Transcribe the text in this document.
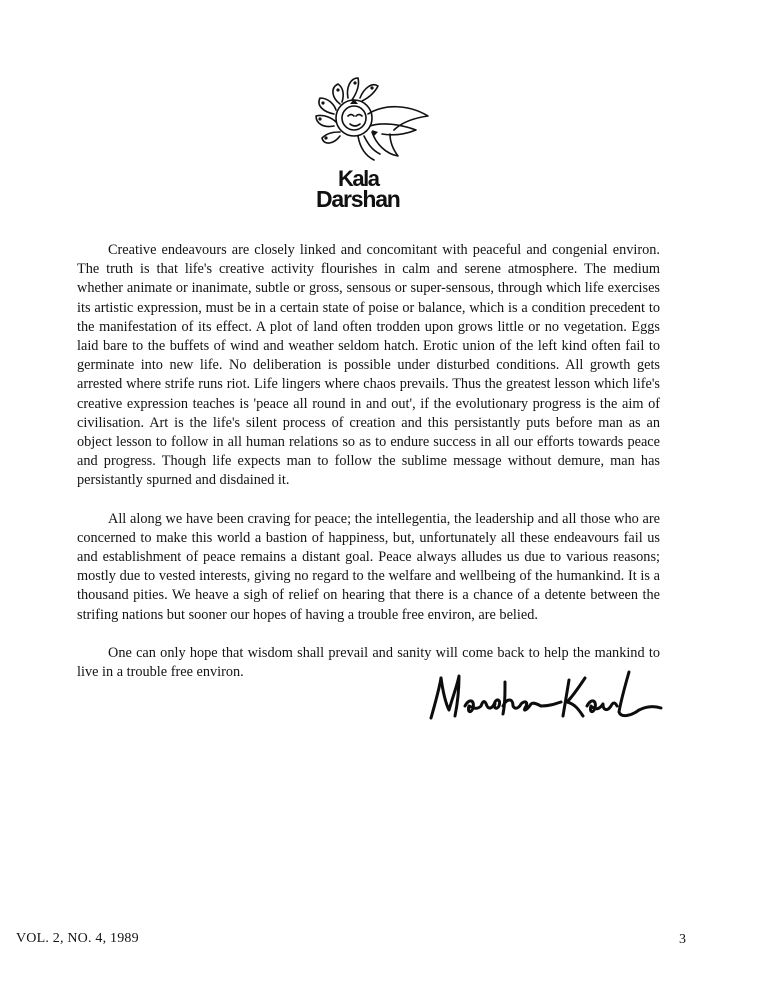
Kala
Darshan

Creative endeavours are closely linked and concomitant with peaceful and congenial environ. The truth is that life's creative activity flourishes in calm and serene atmosphere. The medium whether animate or inanimate, subtle or gross, sensous or super-sensous, through which life exercises its artistic expression, must be in a certain state of poise or balance, which is a condition precedent to the manifestation of its effect. A plot of land often trodden upon grows little or no vegetation. Eggs laid bare to the buffets of wind and weather seldom hatch. Erotic union of the left kind often fail to germinate into new life. No deliberation is possible under disturbed conditions. All growth gets arrested where strife runs riot. Life lingers where chaos prevails. Thus the greatest lesson which life's creative expression teaches is 'peace all round in and out', if the evolutionary progress is the aim of civilisation. Art is the life's silent process of creation and this persistantly puts before man as an object lesson to follow in all human relations so as to endure success in all our efforts towards peace and progress. Though life expects man to follow the sublime message without demure, man has persistantly spurned and disdained it.

All along we have been craving for peace; the intellegentia, the leadership and all those who are concerned to make this world a bastion of happiness, but, unfortunately all these endeavours fail us and establishment of peace remains a distant goal. Peace always alludes us due to various reasons; mostly due to vested interests, giving no regard to the welfare and wellbeing of the humankind. It is a thousand pities. We heave a sigh of relief on hearing that there is a chance of a detente between the strifing nations but sooner our hopes of having a trouble free environ, are belied.

One can only hope that wisdom shall prevail and sanity will come back to help the mankind to live in a trouble free environ.

VOL. 2, NO. 4, 1989	3
